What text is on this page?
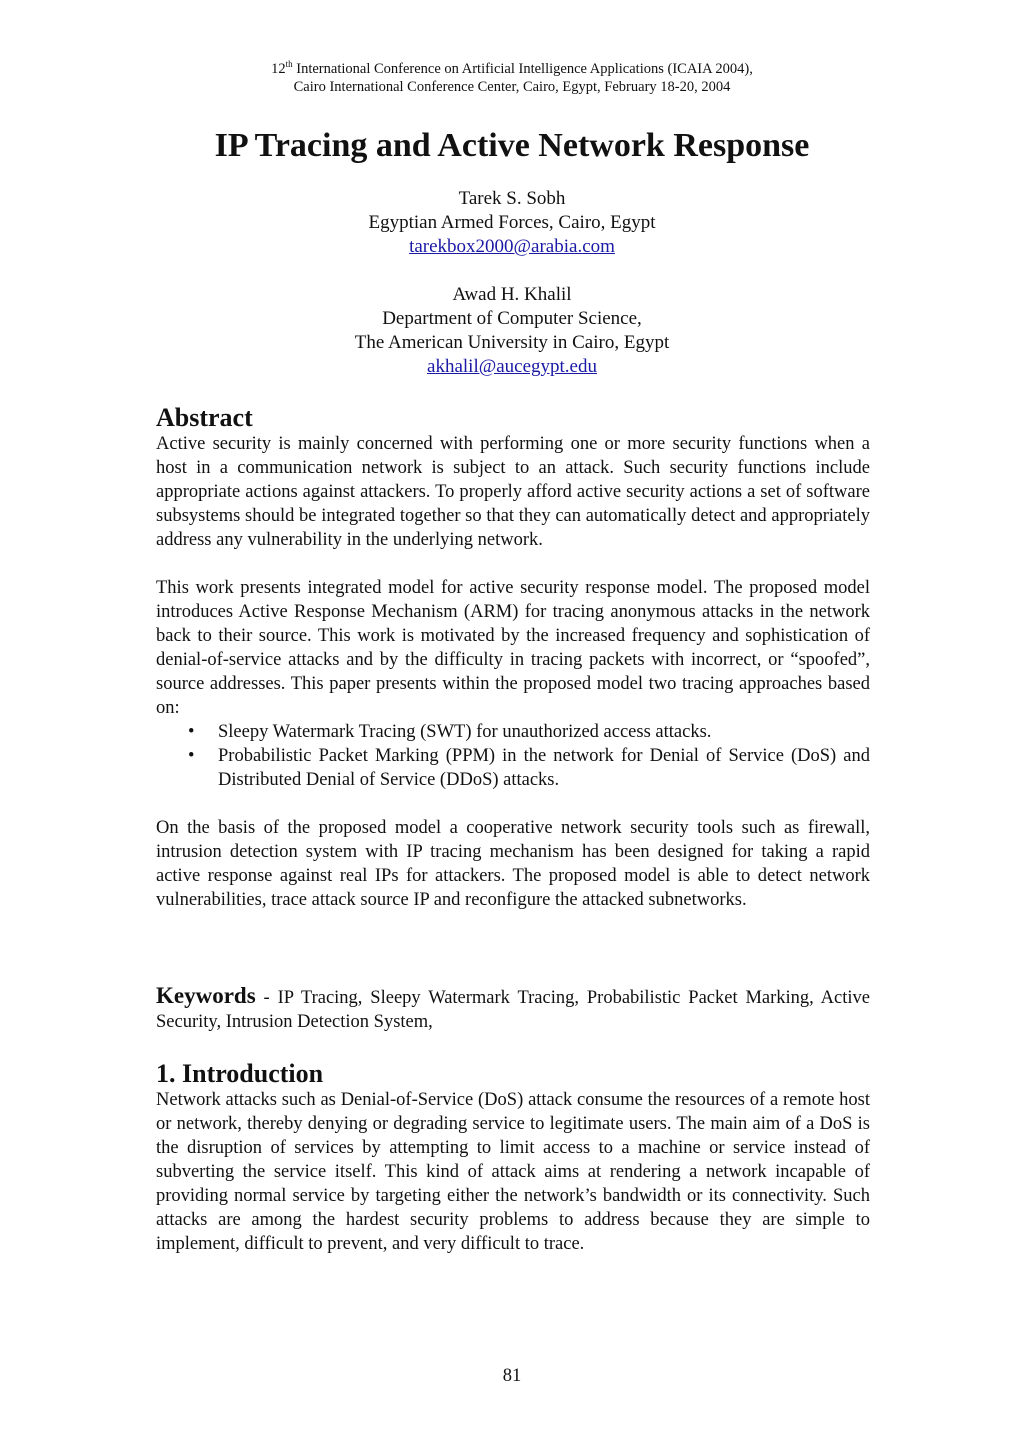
12th International Conference on Artificial Intelligence Applications (ICAIA 2004),
Cairo International Conference Center, Cairo, Egypt, February 18-20, 2004
IP Tracing and Active Network Response
Tarek S. Sobh
Egyptian Armed Forces, Cairo, Egypt
tarekbox2000@arabia.com
Awad H. Khalil
Department of Computer Science,
The American University in Cairo, Egypt
akhalil@aucegypt.edu
Abstract

Active security is mainly concerned with performing one or more security functions when a host in a communication network is subject to an attack. Such security functions include appropriate actions against attackers. To properly afford active security actions a set of software subsystems should be integrated together so that they can automatically detect and appropriately address any vulnerability in the underlying network.

This work presents integrated model for active security response model. The proposed model introduces Active Response Mechanism (ARM) for tracing anonymous attacks in the network back to their source. This work is motivated by the increased frequency and sophistication of denial-of-service attacks and by the difficulty in tracing packets with incorrect, or “spoofed”, source addresses. This paper presents within the proposed model two tracing approaches based on:

• Sleepy Watermark Tracing (SWT) for unauthorized access attacks.
• Probabilistic Packet Marking (PPM) in the network for Denial of Service (DoS) and Distributed Denial of Service (DDoS) attacks.

On the basis of the proposed model a cooperative network security tools such as firewall, intrusion detection system with IP tracing mechanism has been designed for taking a rapid active response against real IPs for attackers. The proposed model is able to detect network vulnerabilities, trace attack source IP and reconfigure the attacked subnetworks.

Keywords - IP Tracing, Sleepy Watermark Tracing, Probabilistic Packet Marking, Active Security, Intrusion Detection System,

1. Introduction

Network attacks such as Denial-of-Service (DoS) attack consume the resources of a remote host or network, thereby denying or degrading service to legitimate users. The main aim of a DoS is the disruption of services by attempting to limit access to a machine or service instead of subverting the service itself. This kind of attack aims at rendering a network incapable of providing normal service by targeting either the network’s bandwidth or its connectivity. Such attacks are among the hardest security problems to address because they are simple to implement, difficult to prevent, and very difficult to trace.

81
